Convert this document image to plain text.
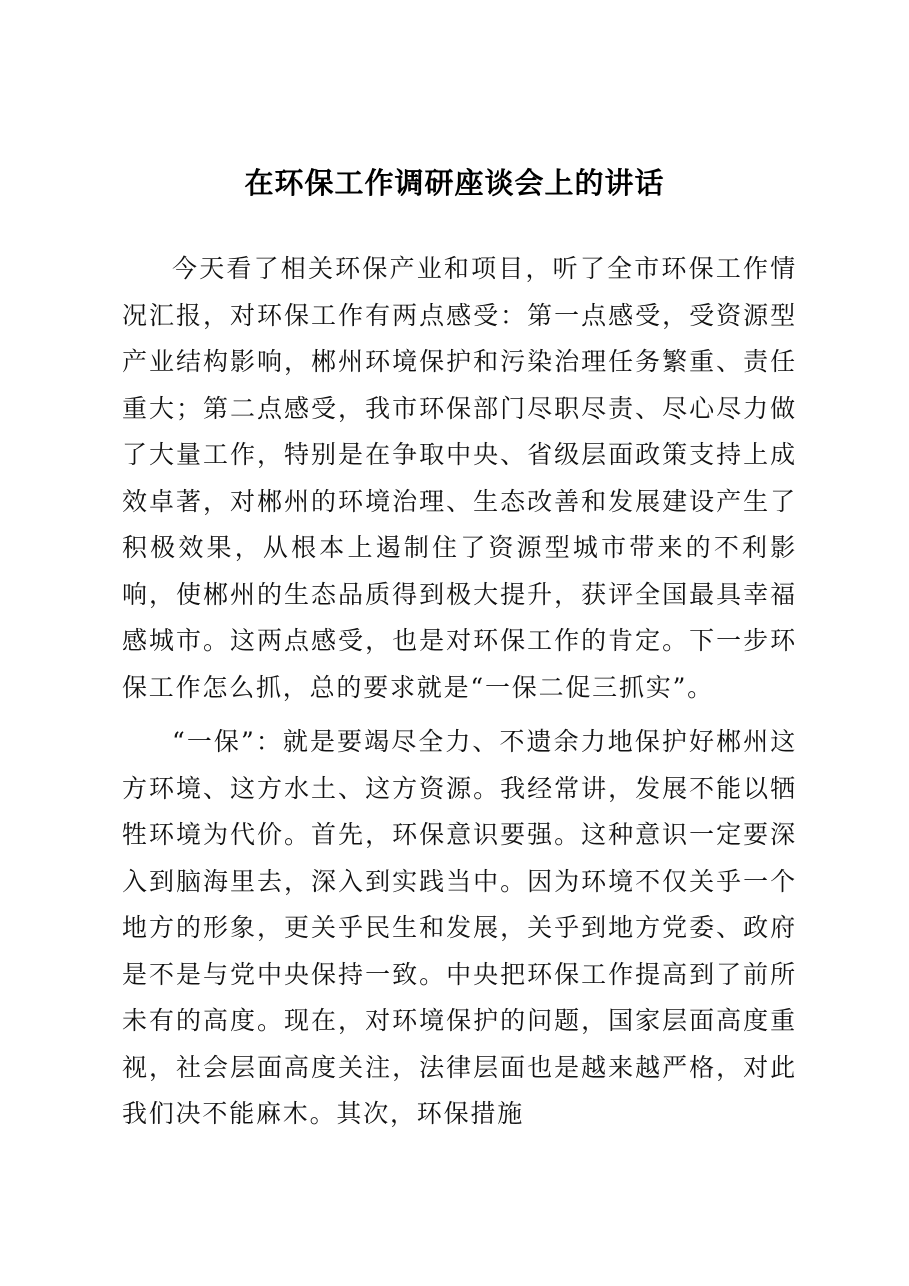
在环保工作调研座谈会上的讲话

今天看了相关环保产业和项目，听了全市环保工作情况汇报，对环保工作有两点感受：第一点感受，受资源型产业结构影响，郴州环境保护和污染治理任务繁重、责任重大；第二点感受，我市环保部门尽职尽责、尽心尽力做了大量工作，特别是在争取中央、省级层面政策支持上成效卓著，对郴州的环境治理、生态改善和发展建设产生了积极效果，从根本上遏制住了资源型城市带来的不利影响，使郴州的生态品质得到极大提升，获评全国最具幸福感城市。这两点感受，也是对环保工作的肯定。下一步环保工作怎么抓，总的要求就是“一保二促三抓实”。

“一保”：就是要竭尽全力、不遗余力地保护好郴州这方环境、这方水土、这方资源。我经常讲，发展不能以牺牲环境为代价。首先，环保意识要强。这种意识一定要深入到脑海里去，深入到实践当中。因为环境不仅关乎一个地方的形象，更关乎民生和发展，关乎到地方党委、政府是不是与党中央保持一致。中央把环保工作提高到了前所未有的高度。现在，对环境保护的问题，国家层面高度重视，社会层面高度关注，法律层面也是越来越严格，对此我们决不能麻木。其次，环保措施
